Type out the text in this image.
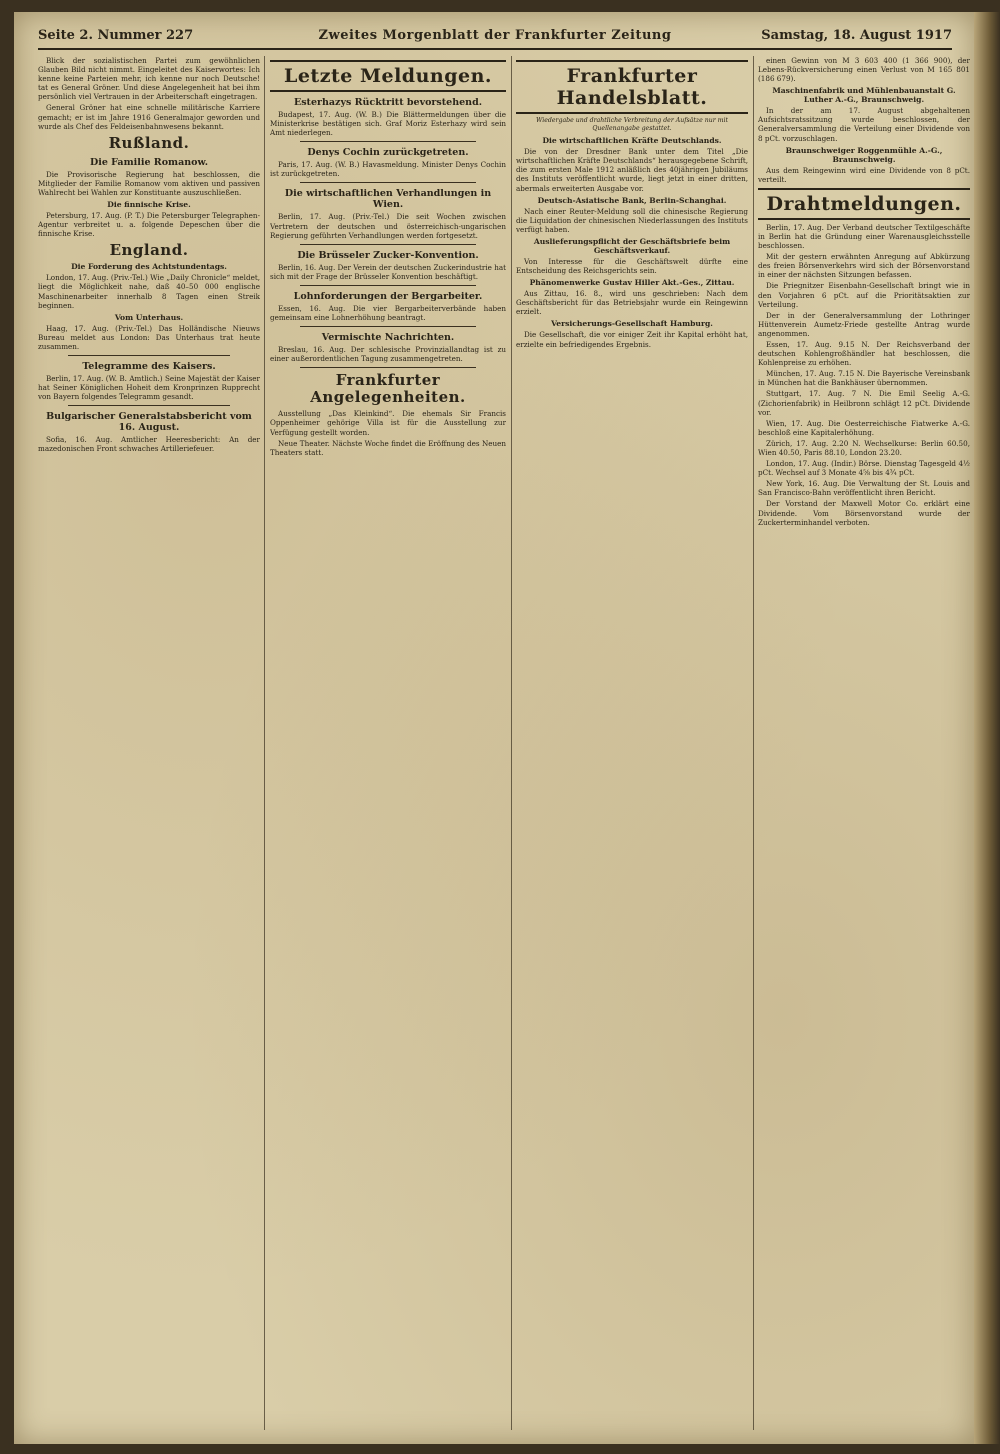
Seite 2. Nummer 227	Zweites Morgenblatt der Frankfurter Zeitung	Samstag, 18. August 1917

Blick der sozialistischen Partei zum gewöhnlichen Glauben Bild nicht nimmt. Eingeleitet des Kaiserwortes: Ich kenne keine Parteien mehr, ich kenne nur noch Deutsche! tat es General Gröner. Und diese Angelegenheit hat bei ihm persönlich viel Vertrauen in der Arbeiterschaft eingetragen.

General Gröner hat eine schnelle militärische Karriere gemacht; er ist im Jahre 1916 Generalmajor geworden und wurde als Chef des Feldeisenbahnwesens bekannt.

Rußland.
Die Familie Romanow.

Die Provisorische Regierung hat beschlossen, die Mitglieder der Familie Romanow vom aktiven und passiven Wahlrecht bei Wahlen zur Konstituante auszuschließen.

Die finnische Krise.

Petersburg, 17. Aug. (P. T.) Die Petersburger Telegraphen-Agentur verbreitet u. a. folgende Depeschen über die finnische Krise.

England.
Die Forderung des Achtstundentags.

London, 17. Aug. (Priv.-Tel.) Wie „Daily Chronicle“ meldet, liegt die Möglichkeit nahe, daß 40–50 000 englische Maschinenarbeiter innerhalb 8 Tagen einen Streik beginnen.

Vom Unterhaus.

Haag, 17. Aug. (Priv.-Tel.) Das Holländische Nieuws Bureau meldet aus London: Das Unterhaus trat heute zusammen.

Telegramme des Kaisers.

Berlin, 17. Aug. (W. B. Amtlich.) Seine Majestät der Kaiser hat Seiner Königlichen Hoheit dem Kronprinzen Rupprecht von Bayern folgendes Telegramm gesandt.

Bulgarischer Generalstabsbericht vom 16. August.

Sofia, 16. Aug. Amtlicher Heeresbericht: An der mazedonischen Front schwaches Artilleriefeuer.

Letzte Meldungen.
Esterhazys Rücktritt bevorstehend.

Budapest, 17. Aug. (W. B.) Die Blättermeldungen über die Ministerkrise bestätigen sich. Graf Moriz Esterhazy wird sein Amt niederlegen.

Denys Cochin zurückgetreten.

Paris, 17. Aug. (W. B.) Havasmeldung. Minister Denys Cochin ist zurückgetreten.

Die wirtschaftlichen Verhandlungen in Wien.

Berlin, 17. Aug. (Priv.-Tel.) Die seit Wochen zwischen Vertretern der deutschen und österreichisch-ungarischen Regierung geführten Verhandlungen werden fortgesetzt.

Die Brüsseler Zucker-Konvention.

Berlin, 16. Aug. Der Verein der deutschen Zuckerindustrie hat sich mit der Frage der Brüsseler Konvention beschäftigt.

Lohnforderungen der Bergarbeiter.

Essen, 16. Aug. Die vier Bergarbeiterverbände haben gemeinsam eine Lohnerhöhung beantragt.

Vermischte Nachrichten.

Breslau, 16. Aug. Der schlesische Provinziallandtag ist zu einer außerordentlichen Tagung zusammengetreten.

Frankfurter Angelegenheiten.

Ausstellung „Das Kleinkind“. Die ehemals Sir Francis Oppenheimer gehörige Villa ist für die Ausstellung zur Verfügung gestellt worden.

Neue Theater. Nächste Woche findet die Eröffnung des Neuen Theaters statt.

Frankfurter Handelsblatt.
Wiedergabe und drahtliche Verbreitung der Aufsätze nur mit Quellenangabe gestattet.
Die wirtschaftlichen Kräfte Deutschlands.

Die von der Dresdner Bank unter dem Titel „Die wirtschaftlichen Kräfte Deutschlands“ herausgegebene Schrift, die zum ersten Male 1912 anläßlich des 40jährigen Jubiläums des Instituts veröffentlicht wurde, liegt jetzt in einer dritten, abermals erweiterten Ausgabe vor.

Deutsch-Asiatische Bank, Berlin-Schanghai.

Nach einer Reuter-Meldung soll die chinesische Regierung die Liquidation der chinesischen Niederlassungen des Instituts verfügt haben.

Auslieferungspflicht der Geschäftsbriefe beim Geschäftsverkauf.

Von Interesse für die Geschäftswelt dürfte eine Entscheidung des Reichsgerichts sein.

Phänomenwerke Gustav Hiller Akt.-Ges., Zittau.

Aus Zittau, 16. 8., wird uns geschrieben: Nach dem Geschäftsbericht für das Betriebsjahr wurde ein Reingewinn erzielt.

Versicherungs-Gesellschaft Hamburg.

Die Gesellschaft, die vor einiger Zeit ihr Kapital erhöht hat, erzielte ein befriedigendes Ergebnis.

einen Gewinn von M 3 603 400 (1 366 900), der Lebens-Rückversicherung einen Verlust von M 165 801 (186 679).

Maschinenfabrik und Mühlenbauanstalt G. Luther A.-G., Braunschweig.

In der am 17. August abgehaltenen Aufsichtsratssitzung wurde beschlossen, der Generalversammlung die Verteilung einer Dividende von 8 pCt. vorzuschlagen.

Braunschweiger Roggenmühle A.-G., Braunschweig.

Aus dem Reingewinn wird eine Dividende von 8 pCt. verteilt.

Drahtmeldungen.

Berlin, 17. Aug. Der Verband deutscher Textilgeschäfte in Berlin hat die Gründung einer Warenausgleichsstelle beschlossen.

Mit der gestern erwähnten Anregung auf Abkürzung des freien Börsenverkehrs wird sich der Börsenvorstand in einer der nächsten Sitzungen befassen.

Die Priegnitzer Eisenbahn-Gesellschaft bringt wie in den Vorjahren 6 pCt. auf die Prioritätsaktien zur Verteilung.

Der in der Generalversammlung der Lothringer Hüttenverein Aumetz-Friede gestellte Antrag wurde angenommen.

Essen, 17. Aug. 9.15 N. Der Reichsverband der deutschen Kohlengroßhändler hat beschlossen, die Kohlenpreise zu erhöhen.

München, 17. Aug. 7.15 N. Die Bayerische Vereinsbank in München hat die Bankhäuser übernommen.

Stuttgart, 17. Aug. 7 N. Die Emil Seelig A.-G. (Zichorienfabrik) in Heilbronn schlägt 12 pCt. Dividende vor.

Wien, 17. Aug. Die Oesterreichische Fiatwerke A.-G. beschloß eine Kapitalerhöhung.

Zürich, 17. Aug. 2.20 N. Wechselkurse: Berlin 60.50, Wien 40.50, Paris 88.10, London 23.20.

London, 17. Aug. (Indir.) Börse. Dienstag Tagesgeld 4½ pCt. Wechsel auf 3 Monate 4⅝ bis 4¾ pCt.

New York, 16. Aug. Die Verwaltung der St. Louis and San Francisco-Bahn veröffentlicht ihren Bericht.

Der Vorstand der Maxwell Motor Co. erklärt eine Dividende. Vom Börsenvorstand wurde der Zuckerterminhandel verboten.
